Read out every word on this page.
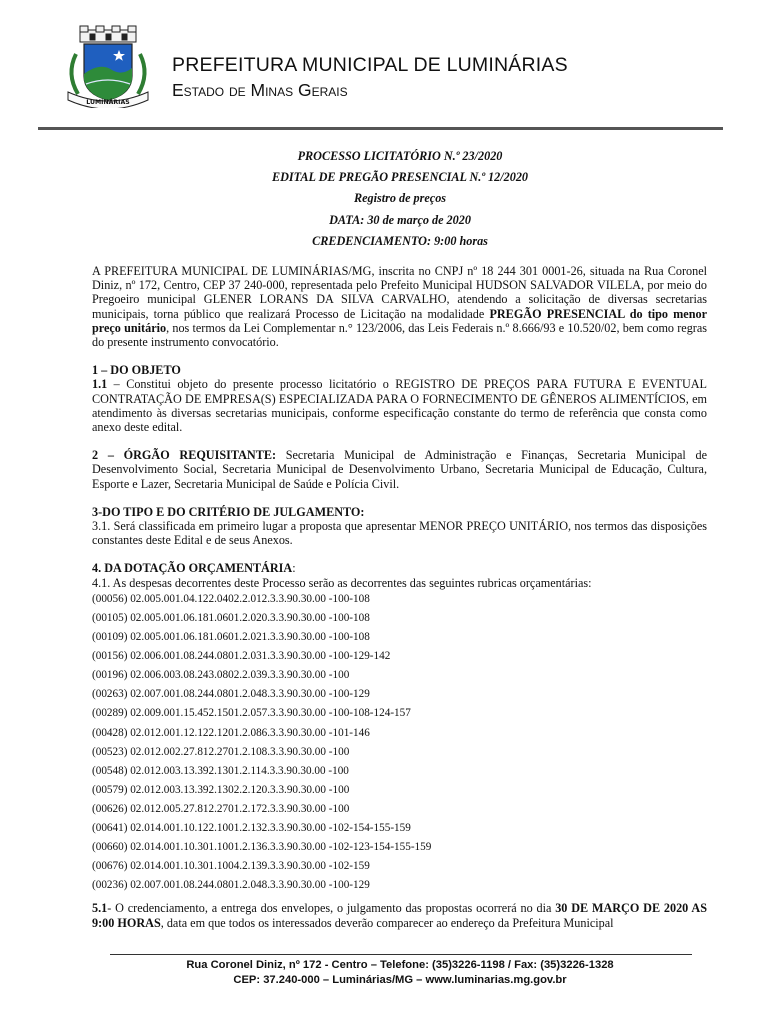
LUMINÁRIAS
PREFEITURA MUNICIPAL DE LUMINÁRIAS
Estado de Minas Gerais
PROCESSO LICITATÓRIO N.º 23/2020
EDITAL DE PREGÃO PRESENCIAL N.º 12/2020
Registro de preços
DATA: 30 de março de 2020
CREDENCIAMENTO: 9:00 horas

A PREFEITURA MUNICIPAL DE LUMINÁRIAS/MG, inscrita no CNPJ nº 18 244 301 0001-26, situada na Rua Coronel Diniz, nº 172, Centro, CEP 37 240-000, representada pelo Prefeito Municipal HUDSON SALVADOR VILELA, por meio do Pregoeiro municipal GLENER LORANS DA SILVA CARVALHO, atendendo a solicitação de diversas secretarias municipais, torna público que realizará Processo de Licitação na modalidade PREGÃO PRESENCIAL do tipo menor preço unitário, nos termos da Lei Complementar n.° 123/2006, das Leis Federais n.º 8.666/93 e 10.520/02, bem como regras do presente instrumento convocatório.

1 – DO OBJETO

1.1 – Constitui objeto do presente processo licitatório o REGISTRO DE PREÇOS PARA FUTURA E EVENTUAL CONTRATAÇÃO DE EMPRESA(S) ESPECIALIZADA PARA O FORNECIMENTO DE GÊNEROS ALIMENTÍCIOS, em atendimento às diversas secretarias municipais, conforme especificação constante do termo de referência que consta como anexo deste edital.

2 – ÓRGÃO REQUISITANTE: Secretaria Municipal de Administração e Finanças, Secretaria Municipal de Desenvolvimento Social, Secretaria Municipal de Desenvolvimento Urbano, Secretaria Municipal de Educação, Cultura, Esporte e Lazer, Secretaria Municipal de Saúde e Polícia Civil.

3-DO TIPO E DO CRITÉRIO DE JULGAMENTO:

3.1. Será classificada em primeiro lugar a proposta que apresentar MENOR PREÇO UNITÁRIO, nos termos das disposições constantes deste Edital e de seus Anexos.

4. DA DOTAÇÃO ORÇAMENTÁRIA:

4.1. As despesas decorrentes deste Processo serão as decorrentes das seguintes rubricas orçamentárias:

(00056) 02.005.001.04.122.0402.2.012.3.3.90.30.00 -100-108
(00105) 02.005.001.06.181.0601.2.020.3.3.90.30.00 -100-108
(00109) 02.005.001.06.181.0601.2.021.3.3.90.30.00 -100-108
(00156) 02.006.001.08.244.0801.2.031.3.3.90.30.00 -100-129-142
(00196) 02.006.003.08.243.0802.2.039.3.3.90.30.00 -100
(00263) 02.007.001.08.244.0801.2.048.3.3.90.30.00 -100-129
(00289) 02.009.001.15.452.1501.2.057.3.3.90.30.00 -100-108-124-157
(00428) 02.012.001.12.122.1201.2.086.3.3.90.30.00 -101-146
(00523) 02.012.002.27.812.2701.2.108.3.3.90.30.00 -100
(00548) 02.012.003.13.392.1301.2.114.3.3.90.30.00 -100
(00579) 02.012.003.13.392.1302.2.120.3.3.90.30.00 -100
(00626) 02.012.005.27.812.2701.2.172.3.3.90.30.00 -100
(00641) 02.014.001.10.122.1001.2.132.3.3.90.30.00 -102-154-155-159
(00660) 02.014.001.10.301.1001.2.136.3.3.90.30.00 -102-123-154-155-159
(00676) 02.014.001.10.301.1004.2.139.3.3.90.30.00 -102-159
(00236) 02.007.001.08.244.0801.2.048.3.3.90.30.00 -100-129

5.1- O credenciamento, a entrega dos envelopes, o julgamento das propostas ocorrerá no dia 30 DE MARÇO DE 2020 AS 9:00 HORAS, data em que todos os interessados deverão comparecer ao endereço da Prefeitura Municipal

Rua Coronel Diniz, nº 172 - Centro – Telefone: (35)3226-1198 / Fax: (35)3226-1328
CEP: 37.240-000 – Luminárias/MG – www.luminarias.mg.gov.br
